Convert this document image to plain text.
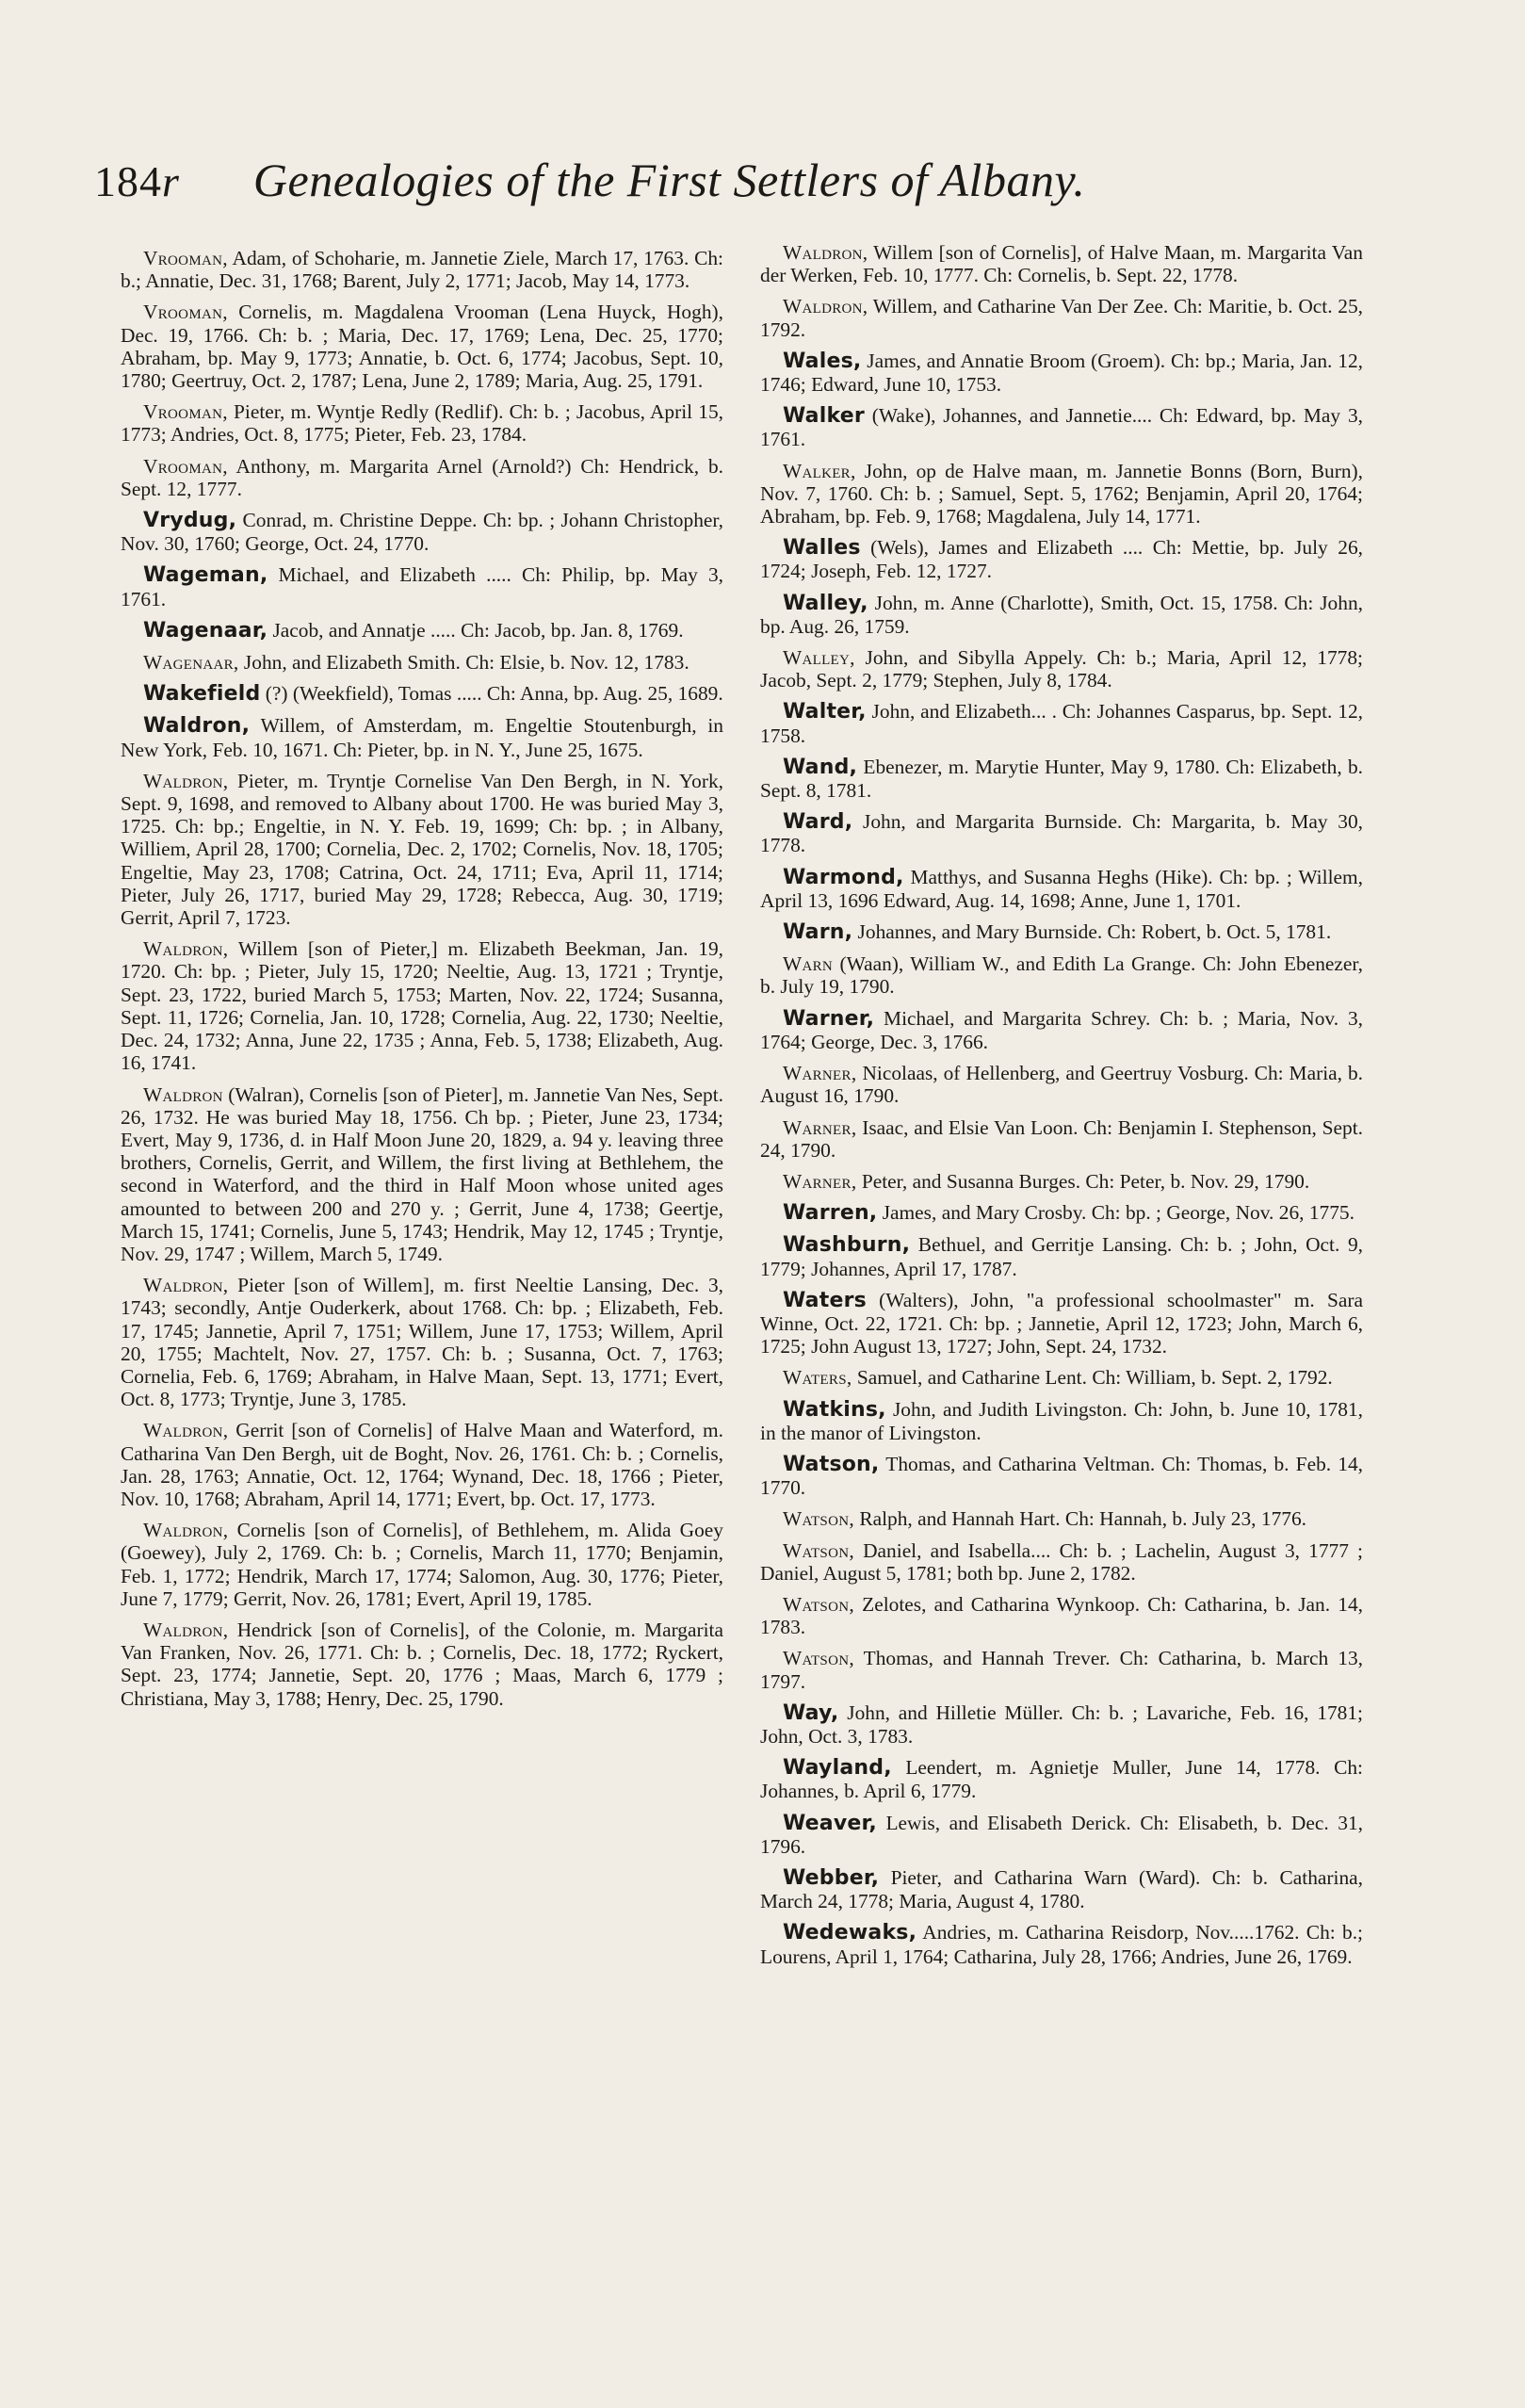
184r Genealogies of the First Settlers of Albany.

Vrooman, Adam, of Schoharie, m. Jannetie Ziele, March 17, 1763. Ch: b.; Annatie, Dec. 31, 1768; Barent, July 2, 1771; Jacob, May 14, 1773.

Vrooman, Cornelis, m. Magdalena Vrooman (Lena Huyck, Hogh), Dec. 19, 1766. Ch: b. ; Maria, Dec. 17, 1769; Lena, Dec. 25, 1770; Abraham, bp. May 9, 1773; Annatie, b. Oct. 6, 1774; Jacobus, Sept. 10, 1780; Geertruy, Oct. 2, 1787; Lena, June 2, 1789; Maria, Aug. 25, 1791.

Vrooman, Pieter, m. Wyntje Redly (Redlif). Ch: b. ; Jacobus, April 15, 1773; Andries, Oct. 8, 1775; Pieter, Feb. 23, 1784.

Vrooman, Anthony, m. Margarita Arnel (Arnold?) Ch: Hendrick, b. Sept. 12, 1777.

Vrydug, Conrad, m. Christine Deppe. Ch: bp. ; Johann Christopher, Nov. 30, 1760; George, Oct. 24, 1770.

Wageman, Michael, and Elizabeth ..... Ch: Philip, bp. May 3, 1761.

Wagenaar, Jacob, and Annatje ..... Ch: Jacob, bp. Jan. 8, 1769.

Wagenaar, John, and Elizabeth Smith. Ch: Elsie, b. Nov. 12, 1783.

Wakefield (?) (Weekfield), Tomas ..... Ch: Anna, bp. Aug. 25, 1689.

Waldron, Willem, of Amsterdam, m. Engeltie Stoutenburgh, in New York, Feb. 10, 1671. Ch: Pieter, bp. in N. Y., June 25, 1675.

Waldron, Pieter, m. Tryntje Cornelise Van Den Bergh, in N. York, Sept. 9, 1698, and removed to Albany about 1700. He was buried May 3, 1725. Ch: bp.; Engeltie, in N. Y. Feb. 19, 1699; Ch: bp. ; in Albany, Williem, April 28, 1700; Cornelia, Dec. 2, 1702; Cornelis, Nov. 18, 1705; Engeltie, May 23, 1708; Catrina, Oct. 24, 1711; Eva, April 11, 1714; Pieter, July 26, 1717, buried May 29, 1728; Rebecca, Aug. 30, 1719; Gerrit, April 7, 1723.

Waldron, Willem [son of Pieter,] m. Elizabeth Beekman, Jan. 19, 1720. Ch: bp. ; Pieter, July 15, 1720; Neeltie, Aug. 13, 1721 ; Tryntje, Sept. 23, 1722, buried March 5, 1753; Marten, Nov. 22, 1724; Susanna, Sept. 11, 1726; Cornelia, Jan. 10, 1728; Cornelia, Aug. 22, 1730; Neeltie, Dec. 24, 1732; Anna, June 22, 1735 ; Anna, Feb. 5, 1738; Elizabeth, Aug. 16, 1741.

Waldron (Walran), Cornelis [son of Pieter], m. Jannetie Van Nes, Sept. 26, 1732. He was buried May 18, 1756. Ch bp. ; Pieter, June 23, 1734; Evert, May 9, 1736, d. in Half Moon June 20, 1829, a. 94 y. leaving three brothers, Cornelis, Gerrit, and Willem, the first living at Bethlehem, the second in Waterford, and the third in Half Moon whose united ages amounted to between 200 and 270 y. ; Gerrit, June 4, 1738; Geertje, March 15, 1741; Cornelis, June 5, 1743; Hendrik, May 12, 1745 ; Tryntje, Nov. 29, 1747 ; Willem, March 5, 1749.

Waldron, Pieter [son of Willem], m. first Neeltie Lansing, Dec. 3, 1743; secondly, Antje Ouderkerk, about 1768. Ch: bp. ; Elizabeth, Feb. 17, 1745; Jannetie, April 7, 1751; Willem, June 17, 1753; Willem, April 20, 1755; Machtelt, Nov. 27, 1757. Ch: b. ; Susanna, Oct. 7, 1763; Cornelia, Feb. 6, 1769; Abraham, in Halve Maan, Sept. 13, 1771; Evert, Oct. 8, 1773; Tryntje, June 3, 1785.

Waldron, Gerrit [son of Cornelis] of Halve Maan and Waterford, m. Catharina Van Den Bergh, uit de Boght, Nov. 26, 1761. Ch: b. ; Cornelis, Jan. 28, 1763; Annatie, Oct. 12, 1764; Wynand, Dec. 18, 1766 ; Pieter, Nov. 10, 1768; Abraham, April 14, 1771; Evert, bp. Oct. 17, 1773.

Waldron, Cornelis [son of Cornelis], of Bethlehem, m. Alida Goey (Goewey), July 2, 1769. Ch: b. ; Cornelis, March 11, 1770; Benjamin, Feb. 1, 1772; Hendrik, March 17, 1774; Salomon, Aug. 30, 1776; Pieter, June 7, 1779; Gerrit, Nov. 26, 1781; Evert, April 19, 1785.

Waldron, Hendrick [son of Cornelis], of the Colonie, m. Margarita Van Franken, Nov. 26, 1771. Ch: b. ; Cornelis, Dec. 18, 1772; Ryckert, Sept. 23, 1774; Jannetie, Sept. 20, 1776 ; Maas, March 6, 1779 ; Christiana, May 3, 1788; Henry, Dec. 25, 1790.

Waldron, Willem [son of Cornelis], of Halve Maan, m. Margarita Van der Werken, Feb. 10, 1777. Ch: Cornelis, b. Sept. 22, 1778.

Waldron, Willem, and Catharine Van Der Zee. Ch: Maritie, b. Oct. 25, 1792.

Wales, James, and Annatie Broom (Groem). Ch: bp.; Maria, Jan. 12, 1746; Edward, June 10, 1753.

Walker (Wake), Johannes, and Jannetie.... Ch: Edward, bp. May 3, 1761.

Walker, John, op de Halve maan, m. Jannetie Bonns (Born, Burn), Nov. 7, 1760. Ch: b. ; Samuel, Sept. 5, 1762; Benjamin, April 20, 1764; Abraham, bp. Feb. 9, 1768; Magdalena, July 14, 1771.

Walles (Wels), James and Elizabeth .... Ch: Mettie, bp. July 26, 1724; Joseph, Feb. 12, 1727.

Walley, John, m. Anne (Charlotte), Smith, Oct. 15, 1758. Ch: John, bp. Aug. 26, 1759.

Walley, John, and Sibylla Appely. Ch: b.; Maria, April 12, 1778; Jacob, Sept. 2, 1779; Stephen, July 8, 1784.

Walter, John, and Elizabeth... . Ch: Johannes Casparus, bp. Sept. 12, 1758.

Wand, Ebenezer, m. Marytie Hunter, May 9, 1780. Ch: Elizabeth, b. Sept. 8, 1781.

Ward, John, and Margarita Burnside. Ch: Margarita, b. May 30, 1778.

Warmond, Matthys, and Susanna Heghs (Hike). Ch: bp. ; Willem, April 13, 1696 Edward, Aug. 14, 1698; Anne, June 1, 1701.

Warn, Johannes, and Mary Burnside. Ch: Robert, b. Oct. 5, 1781.

Warn (Waan), William W., and Edith La Grange. Ch: John Ebenezer, b. July 19, 1790.

Warner, Michael, and Margarita Schrey. Ch: b. ; Maria, Nov. 3, 1764; George, Dec. 3, 1766.

Warner, Nicolaas, of Hellenberg, and Geertruy Vosburg. Ch: Maria, b. August 16, 1790.

Warner, Isaac, and Elsie Van Loon. Ch: Benjamin I. Stephenson, Sept. 24, 1790.

Warner, Peter, and Susanna Burges. Ch: Peter, b. Nov. 29, 1790.

Warren, James, and Mary Crosby. Ch: bp. ; George, Nov. 26, 1775.

Washburn, Bethuel, and Gerritje Lansing. Ch: b. ; John, Oct. 9, 1779; Johannes, April 17, 1787.

Waters (Walters), John, "a professional schoolmaster" m. Sara Winne, Oct. 22, 1721. Ch: bp. ; Jannetie, April 12, 1723; John, March 6, 1725; John August 13, 1727; John, Sept. 24, 1732.

Waters, Samuel, and Catharine Lent. Ch: William, b. Sept. 2, 1792.

Watkins, John, and Judith Livingston. Ch: John, b. June 10, 1781, in the manor of Livingston.

Watson, Thomas, and Catharina Veltman. Ch: Thomas, b. Feb. 14, 1770.

Watson, Ralph, and Hannah Hart. Ch: Hannah, b. July 23, 1776.

Watson, Daniel, and Isabella.... Ch: b. ; Lachelin, August 3, 1777 ; Daniel, August 5, 1781; both bp. June 2, 1782.

Watson, Zelotes, and Catharina Wynkoop. Ch: Catharina, b. Jan. 14, 1783.

Watson, Thomas, and Hannah Trever. Ch: Catharina, b. March 13, 1797.

Way, John, and Hilletie Müller. Ch: b. ; Lavariche, Feb. 16, 1781; John, Oct. 3, 1783.

Wayland, Leendert, m. Agnietje Muller, June 14, 1778. Ch: Johannes, b. April 6, 1779.

Weaver, Lewis, and Elisabeth Derick. Ch: Elisabeth, b. Dec. 31, 1796.

Webber, Pieter, and Catharina Warn (Ward). Ch: b. Catharina, March 24, 1778; Maria, August 4, 1780.

Wedewaks, Andries, m. Catharina Reisdorp, Nov.....1762. Ch: b.; Lourens, April 1, 1764; Catharina, July 28, 1766; Andries, June 26, 1769.
